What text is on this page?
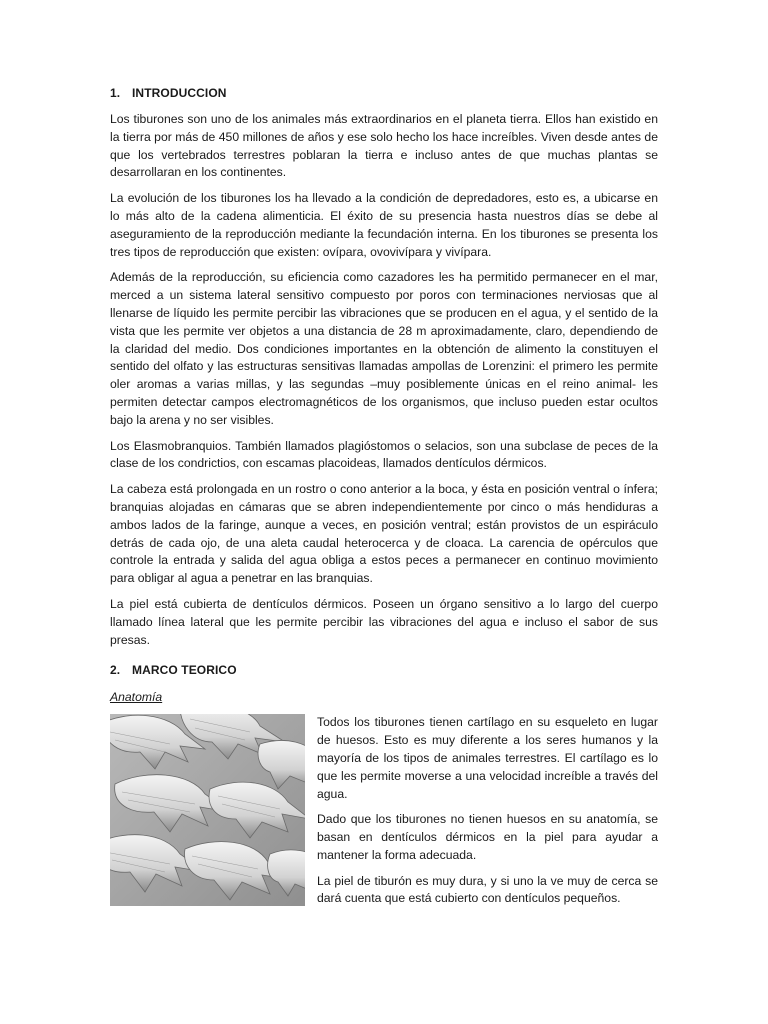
1. INTRODUCCION

Los tiburones son uno de los animales más extraordinarios en el planeta tierra. Ellos han existido en la tierra por más de 450 millones de años y ese solo hecho los hace increíbles. Viven desde antes de que los vertebrados terrestres poblaran la tierra e incluso antes de que muchas plantas se desarrollaran en los continentes.

La evolución de los tiburones los ha llevado a la condición de depredadores, esto es, a ubicarse en lo más alto de la cadena alimenticia. El éxito de su presencia hasta nuestros días se debe al aseguramiento de la reproducción mediante la fecundación interna. En los tiburones se presenta los tres tipos de reproducción que existen: ovípara, ovovivípara y vivípara.

Además de la reproducción, su eficiencia como cazadores les ha permitido permanecer en el mar, merced a un sistema lateral sensitivo compuesto por poros con terminaciones nerviosas que al llenarse de líquido les permite percibir las vibraciones que se producen en el agua, y el sentido de la vista que les permite ver objetos a una distancia de 28 m aproximadamente, claro, dependiendo de la claridad del medio. Dos condiciones importantes en la obtención de alimento la constituyen el sentido del olfato y las estructuras sensitivas llamadas ampollas de Lorenzini: el primero les permite oler aromas a varias millas, y las segundas –muy posiblemente únicas en el reino animal- les permiten detectar campos electromagnéticos de los organismos, que incluso pueden estar ocultos bajo la arena y no ser visibles.

Los Elasmobranquios. También llamados plagióstomos o selacios, son una subclase de peces de la clase de los condrictios, con escamas placoideas, llamados dentículos dérmicos.

La cabeza está prolongada en un rostro o cono anterior a la boca, y ésta en posición ventral o ínfera; branquias alojadas en cámaras que se abren independientemente por cinco o más hendiduras a ambos lados de la faringe, aunque a veces, en posición ventral; están provistos de un espiráculo detrás de cada ojo, de una aleta caudal heterocerca y de cloaca. La carencia de opérculos que controle la entrada y salida del agua obliga a estos peces a permanecer en continuo movimiento para obligar al agua a penetrar en las branquias.

La piel está cubierta de dentículos dérmicos. Poseen un órgano sensitivo a lo largo del cuerpo llamado línea lateral que les permite percibir las vibraciones del agua e incluso el sabor de sus presas.

2. MARCO TEORICO
Anatomía

Todos los tiburones tienen cartílago en su esqueleto en lugar de huesos. Esto es muy diferente a los seres humanos y la mayoría de los tipos de animales terrestres. El cartílago es lo que les permite moverse a una velocidad increíble a través del agua.

Dado que los tiburones no tienen huesos en su anatomía, se basan en dentículos dérmicos en la piel para ayudar a mantener la forma adecuada.

La piel de tiburón es muy dura, y si uno la ve muy de cerca se dará cuenta que está cubierto con dentículos pequeños.
